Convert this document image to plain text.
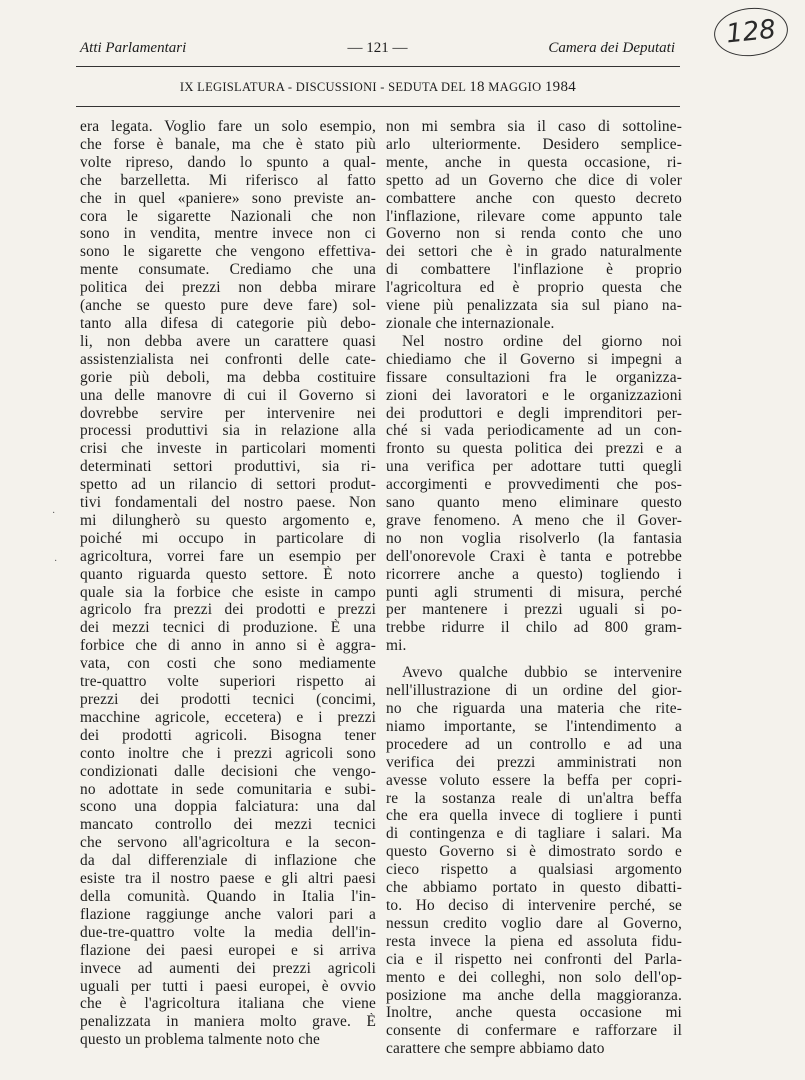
Atti Parlamentari	— 121 —	Camera dei Deputati	128
IX LEGISLATURA - DISCUSSIONI - SEDUTA DEL 18 MAGGIO 1984
era legata. Voglio fare un solo esempio,
che forse è banale, ma che è stato più
volte ripreso, dando lo spunto a qual-
che barzelletta. Mi riferisco al fatto
che in quel «paniere» sono previste an-
cora le sigarette Nazionali che non
sono in vendita, mentre invece non ci
sono le sigarette che vengono effettiva-
mente consumate. Crediamo che una
politica dei prezzi non debba mirare
(anche se questo pure deve fare) sol-
tanto alla difesa di categorie più debo-
li, non debba avere un carattere quasi
assistenzialista nei confronti delle cate-
gorie più deboli, ma debba costituire
una delle manovre di cui il Governo si
dovrebbe servire per intervenire nei
processi produttivi sia in relazione alla
crisi che investe in particolari momenti
determinati settori produttivi, sia ri-
spetto ad un rilancio di settori produt-
tivi fondamentali del nostro paese. Non
mi dilungherò su questo argomento e,
poiché mi occupo in particolare di
agricoltura, vorrei fare un esempio per
quanto riguarda questo settore. È noto
quale sia la forbice che esiste in campo
agricolo fra prezzi dei prodotti e prezzi
dei mezzi tecnici di produzione. È una
forbice che di anno in anno si è aggra-
vata, con costi che sono mediamente
tre-quattro volte superiori rispetto ai
prezzi dei prodotti tecnici (concimi,
macchine agricole, eccetera) e i prezzi
dei prodotti agricoli. Bisogna tener
conto inoltre che i prezzi agricoli sono
condizionati dalle decisioni che vengo-
no adottate in sede comunitaria e subi-
scono una doppia falciatura: una dal
mancato controllo dei mezzi tecnici
che servono all'agricoltura e la secon-
da dal differenziale di inflazione che
esiste tra il nostro paese e gli altri paesi
della comunità. Quando in Italia l'in-
flazione raggiunge anche valori pari a
due-tre-quattro volte la media dell'in-
flazione dei paesi europei e si arriva
invece ad aumenti dei prezzi agricoli
uguali per tutti i paesi europei, è ovvio
che è l'agricoltura italiana che viene
penalizzata in maniera molto grave. È
questo un problema talmente noto che
non mi sembra sia il caso di sottoline-
arlo ulteriormente. Desidero semplice-
mente, anche in questa occasione, ri-
spetto ad un Governo che dice di voler
combattere anche con questo decreto
l'inflazione, rilevare come appunto tale
Governo non si renda conto che uno
dei settori che è in grado naturalmente
di combattere l'inflazione è proprio
l'agricoltura ed è proprio questa che
viene più penalizzata sia sul piano na-
zionale che internazionale.
Nel nostro ordine del giorno noi
chiediamo che il Governo si impegni a
fissare consultazioni fra le organizza-
zioni dei lavoratori e le organizzazioni
dei produttori e degli imprenditori per-
ché si vada periodicamente ad un con-
fronto su questa politica dei prezzi e a
una verifica per adottare tutti quegli
accorgimenti e provvedimenti che pos-
sano quanto meno eliminare questo
grave fenomeno. A meno che il Gover-
no non voglia risolverlo (la fantasia
dell'onorevole Craxi è tanta e potrebbe
ricorrere anche a questo) togliendo i
punti agli strumenti di misura, perché
per mantenere i prezzi uguali si po-
trebbe ridurre il chilo ad 800 gram-
mi.
Avevo qualche dubbio se intervenire
nell'illustrazione di un ordine del gior-
no che riguarda una materia che rite-
niamo importante, se l'intendimento a
procedere ad un controllo e ad una
verifica dei prezzi amministrati non
avesse voluto essere la beffa per copri-
re la sostanza reale di un'altra beffa
che era quella invece di togliere i punti
di contingenza e di tagliare i salari. Ma
questo Governo si è dimostrato sordo e
cieco rispetto a qualsiasi argomento
che abbiamo portato in questo dibatti-
to. Ho deciso di intervenire perché, se
nessun credito voglio dare al Governo,
resta invece la piena ed assoluta fidu-
cia e il rispetto nei confronti del Parla-
mento e dei colleghi, non solo dell'op-
posizione ma anche della maggioranza.
Inoltre, anche questa occasione mi
consente di confermare e rafforzare il
carattere che sempre abbiamo dato
·
·
